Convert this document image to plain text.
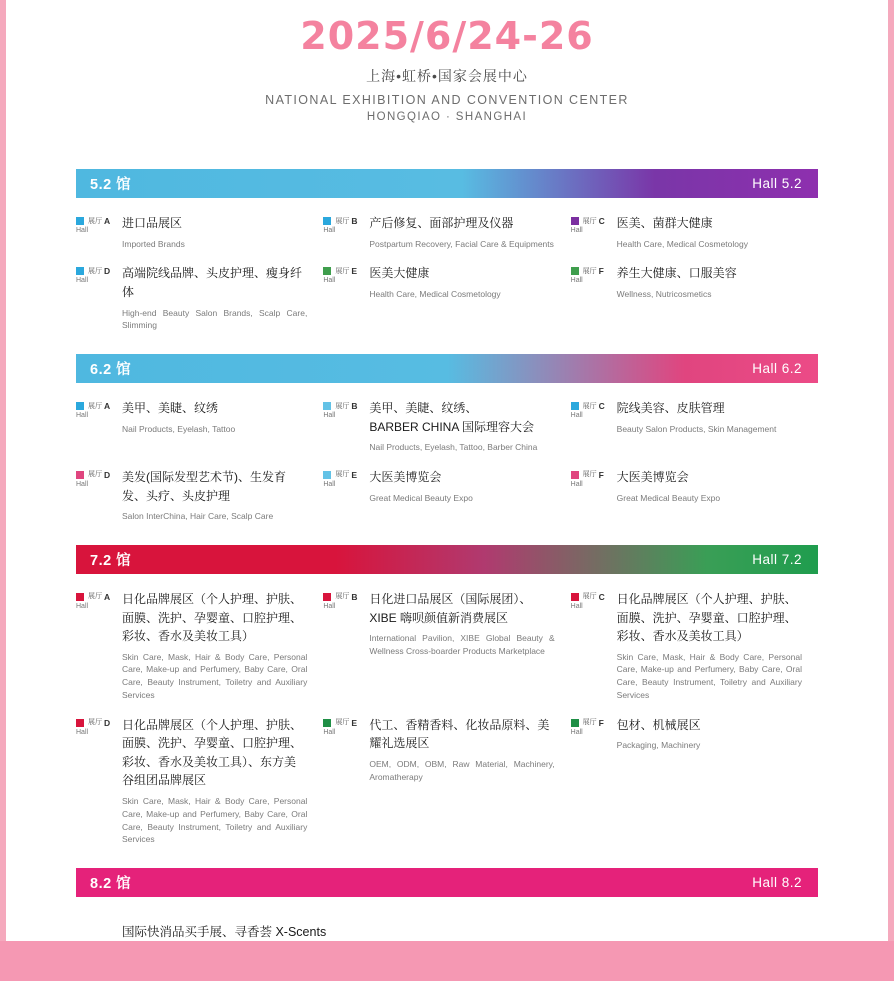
2025/6/24-26
上海•虹桥•国家会展中心
NATIONAL EXHIBITION AND CONVENTION CENTER
HONGQIAO · SHANGHAI
5.2 馆	Hall 5.2
展厅 A
Hall
进口品展区
Imported Brands
展厅 B
Hall
产后修复、面部护理及仪器
Postpartum Recovery, Facial Care & Equipments
展厅 C
Hall
医美、菌群大健康
Health Care, Medical Cosmetology
展厅 D
Hall
高端院线品牌、头皮护理、瘦身纤体
High-end Beauty Salon Brands, Scalp Care, Slimming
展厅 E
Hall
医美大健康
Health Care, Medical Cosmetology
展厅 F
Hall
养生大健康、口服美容
Wellness, Nutricosmetics
6.2 馆	Hall 6.2
展厅 A
Hall
美甲、美睫、纹绣
Nail Products, Eyelash, Tattoo
展厅 B
Hall
美甲、美睫、纹绣、
BARBER CHINA 国际理容大会
Nail Products, Eyelash, Tattoo, Barber China
展厅 C
Hall
院线美容、皮肤管理
Beauty Salon Products, Skin Management
展厅 D
Hall
美发(国际发型艺术节)、生发育发、头疗、头皮护理
Salon InterChina, Hair Care, Scalp Care
展厅 E
Hall
大医美博览会
Great Medical Beauty Expo
展厅 F
Hall
大医美博览会
Great Medical Beauty Expo
7.2 馆	Hall 7.2
展厅 A
Hall
日化品牌展区（个人护理、护肤、面膜、洗护、孕婴童、口腔护理、彩妆、香水及美妆工具）
Skin Care, Mask, Hair & Body Care, Personal Care, Make-up and Perfumery, Baby Care, Oral Care, Beauty Instrument, Toiletry and Auxiliary Services
展厅 B
Hall
日化进口品展区（国际展团）、XIBE 嗨呗颜值新消费展区
International Pavilion, XIBE Global Beauty & Wellness Cross-boarder Products Marketplace
展厅 C
Hall
日化品牌展区（个人护理、护肤、面膜、洗护、孕婴童、口腔护理、彩妆、香水及美妆工具）
Skin Care, Mask, Hair & Body Care, Personal Care, Make-up and Perfumery, Baby Care, Oral Care, Beauty Instrument, Toiletry and Auxiliary Services
展厅 D
Hall
日化品牌展区（个人护理、护肤、面膜、洗护、孕婴童、口腔护理、彩妆、香水及美妆工具）、东方美谷组团品牌展区
Skin Care, Mask, Hair & Body Care, Personal Care, Make-up and Perfumery, Baby Care, Oral Care, Beauty Instrument, Toiletry and Auxiliary Services
展厅 E
Hall
代工、香精香料、化妆品原料、美耀礼选展区
OEM, ODM, OBM, Raw Material, Machinery, Aromatherapy
展厅 F
Hall
包材、机械展区
Packaging, Machinery
8.2 馆	Hall 8.2
国际快消品买手展、寻香荟 X-Scents
